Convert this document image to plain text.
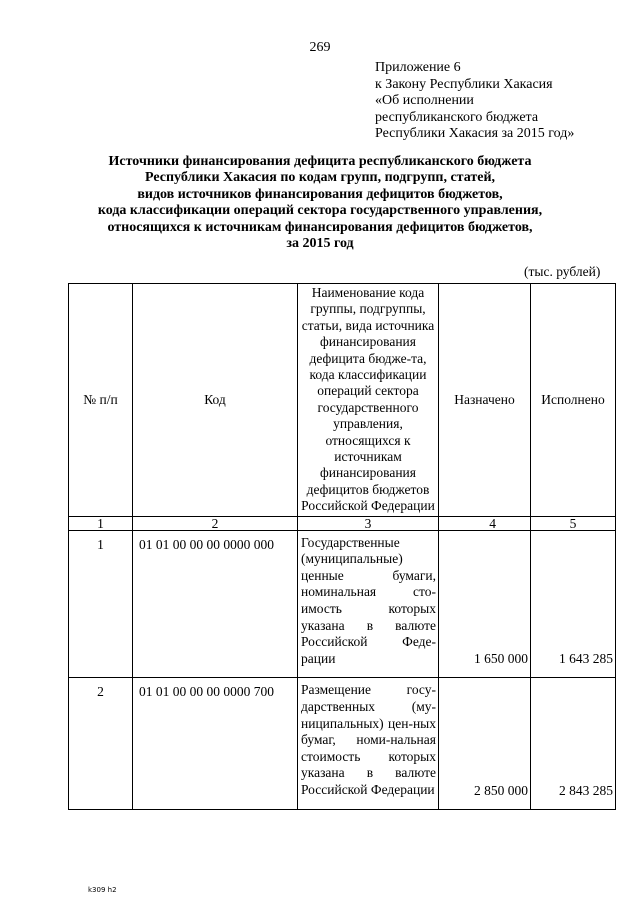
269
Приложение 6
к Закону Республики Хакасия
«Об исполнении
республиканского бюджета
Республики Хакасия за 2015 год»
Источники финансирования дефицита республиканского бюджета
Республики Хакасия по кодам групп, подгрупп, статей,
видов источников финансирования дефицитов бюджетов,
кода классификации операций сектора государственного управления,
относящихся к источникам финансирования дефицитов бюджетов,
за 2015 год
(тыс. рублей)
№ п/п	Код	Наименование кода группы, подгруппы, статьи, вида источника финансирования дефицита бюдже-та, кода классификации операций сектора государственного управления, относящихся к источникам финансирования дефицитов бюджетов Российской Федерации	Назначено	Исполнено
1	2	3	4	5
1	01 01 00 00 00 0000 000	Государственные (муниципальные) ценные бумаги, номинальная сто-имость которых указана в валюте Российской Феде-рации	1 650 000	1 643 285
2	01 01 00 00 00 0000 700	Размещение госу-дарственных (му-ниципальных) цен-ных бумаг, номи-нальная стоимость которых указана в валюте Российской Федерации	2 850 000	2 843 285
k309 h2
